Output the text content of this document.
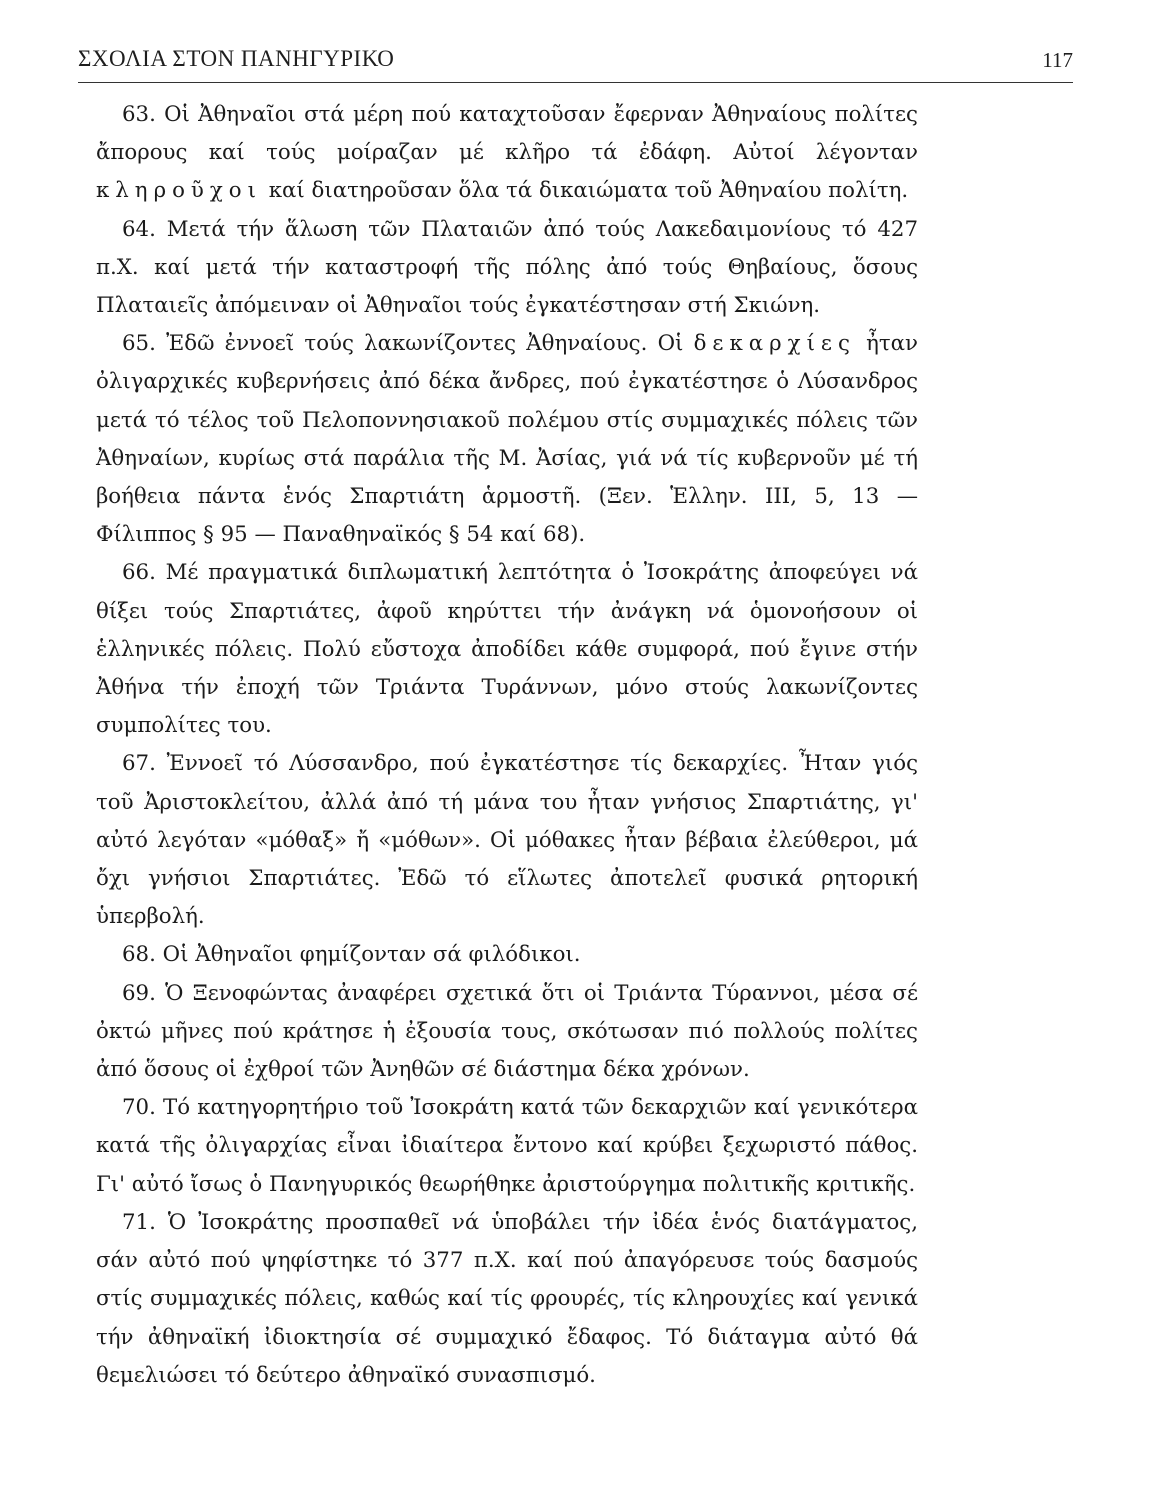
ΣΧΟΛΙΑ ΣΤΟΝ ΠΑΝΗΓΥΡΙΚΟ	117

63. Οἱ Ἀθηναῖοι στά μέρη πού καταχτοῦσαν ἔφερναν Ἀθηναίους πολίτες ἄπορους καί τούς μοίραζαν μέ κλῆρο τά ἐδάφη. Αὐτοί λέγονταν κληροῦχοι καί διατηροῦσαν ὅλα τά δικαιώματα τοῦ Ἀθηναίου πολίτη.

64. Μετά τήν ἅλωση τῶν Πλαταιῶν ἀπό τούς Λακεδαιμονίους τό 427 π.Χ. καί μετά τήν καταστροφή τῆς πόλης ἀπό τούς Θηβαίους, ὅσους Πλαταιεῖς ἀπόμειναν οἱ Ἀθηναῖοι τούς ἐγκατέστησαν στή Σκιώνη.

65. Ἐδῶ ἐννοεῖ τούς λακωνίζοντες Ἀθηναίους. Οἱ δεκαρχίες ἦταν ὀλιγαρχικές κυβερνήσεις ἀπό δέκα ἄνδρες, πού ἐγκατέστησε ὁ Λύσανδρος μετά τό τέλος τοῦ Πελοποννησιακοῦ πολέμου στίς συμμαχικές πόλεις τῶν Ἀθηναίων, κυρίως στά παράλια τῆς Μ. Ἀσίας, γιά νά τίς κυβερνοῦν μέ τή βοήθεια πάντα ἑνός Σπαρτιάτη ἁρμοστῆ. (Ξεν. Ἑλλην. III, 5, 13 — Φίλιππος § 95 — Παναθηναϊκός § 54 καί 68).

66. Μέ πραγματικά διπλωματική λεπτότητα ὁ Ἰσοκράτης ἀποφεύγει νά θίξει τούς Σπαρτιάτες, ἀφοῦ κηρύττει τήν ἀνάγκη νά ὁμονοήσουν οἱ ἑλληνικές πόλεις. Πολύ εὔστοχα ἀποδίδει κάθε συμφορά, πού ἔγινε στήν Ἀθήνα τήν ἐποχή τῶν Τριάντα Τυράννων, μόνο στούς λακωνίζοντες συμπολίτες του.

67. Ἐννοεῖ τό Λύσσανδρο, πού ἐγκατέστησε τίς δεκαρχίες. Ἦταν γιός τοῦ Ἀριστοκλείτου, ἀλλά ἀπό τή μάνα του ἦταν γνήσιος Σπαρτιάτης, γι' αὐτό λεγόταν «μόθαξ» ἤ «μόθων». Οἱ μόθακες ἦταν βέβαια ἐλεύθεροι, μά ὄχι γνήσιοι Σπαρτιάτες. Ἐδῶ τό εἵλωτες ἀποτελεῖ φυσικά ρητορική ὑπερβολή.

68. Οἱ Ἀθηναῖοι φημίζονταν σά φιλόδικοι.

69. Ὁ Ξενοφώντας ἀναφέρει σχετικά ὅτι οἱ Τριάντα Τύραννοι, μέσα σέ ὀκτώ μῆνες πού κράτησε ἡ ἐξουσία τους, σκότωσαν πιό πολλούς πολίτες ἀπό ὅσους οἱ ἐχθροί τῶν Ἀνηθῶν σέ διάστημα δέκα χρόνων.

70. Τό κατηγορητήριο τοῦ Ἰσοκράτη κατά τῶν δεκαρχιῶν καί γενικότερα κατά τῆς ὀλιγαρχίας εἶναι ἰδιαίτερα ἔντονο καί κρύβει ξεχωριστό πάθος. Γι' αὐτό ἴσως ὁ Πανηγυρικός θεωρήθηκε ἀριστούργημα πολιτικῆς κριτικῆς.

71. Ὁ Ἰσοκράτης προσπαθεῖ νά ὑποβάλει τήν ἰδέα ἑνός διατάγματος, σάν αὐτό πού ψηφίστηκε τό 377 π.Χ. καί πού ἀπαγόρευσε τούς δασμούς στίς συμμαχικές πόλεις, καθώς καί τίς φρουρές, τίς κληρουχίες καί γενικά τήν ἀθηναϊκή ἰδιοκτησία σέ συμμαχικό ἔδαφος. Τό διάταγμα αὐτό θά θεμελιώσει τό δεύτερο ἀθηναϊκό συνασπισμό.
